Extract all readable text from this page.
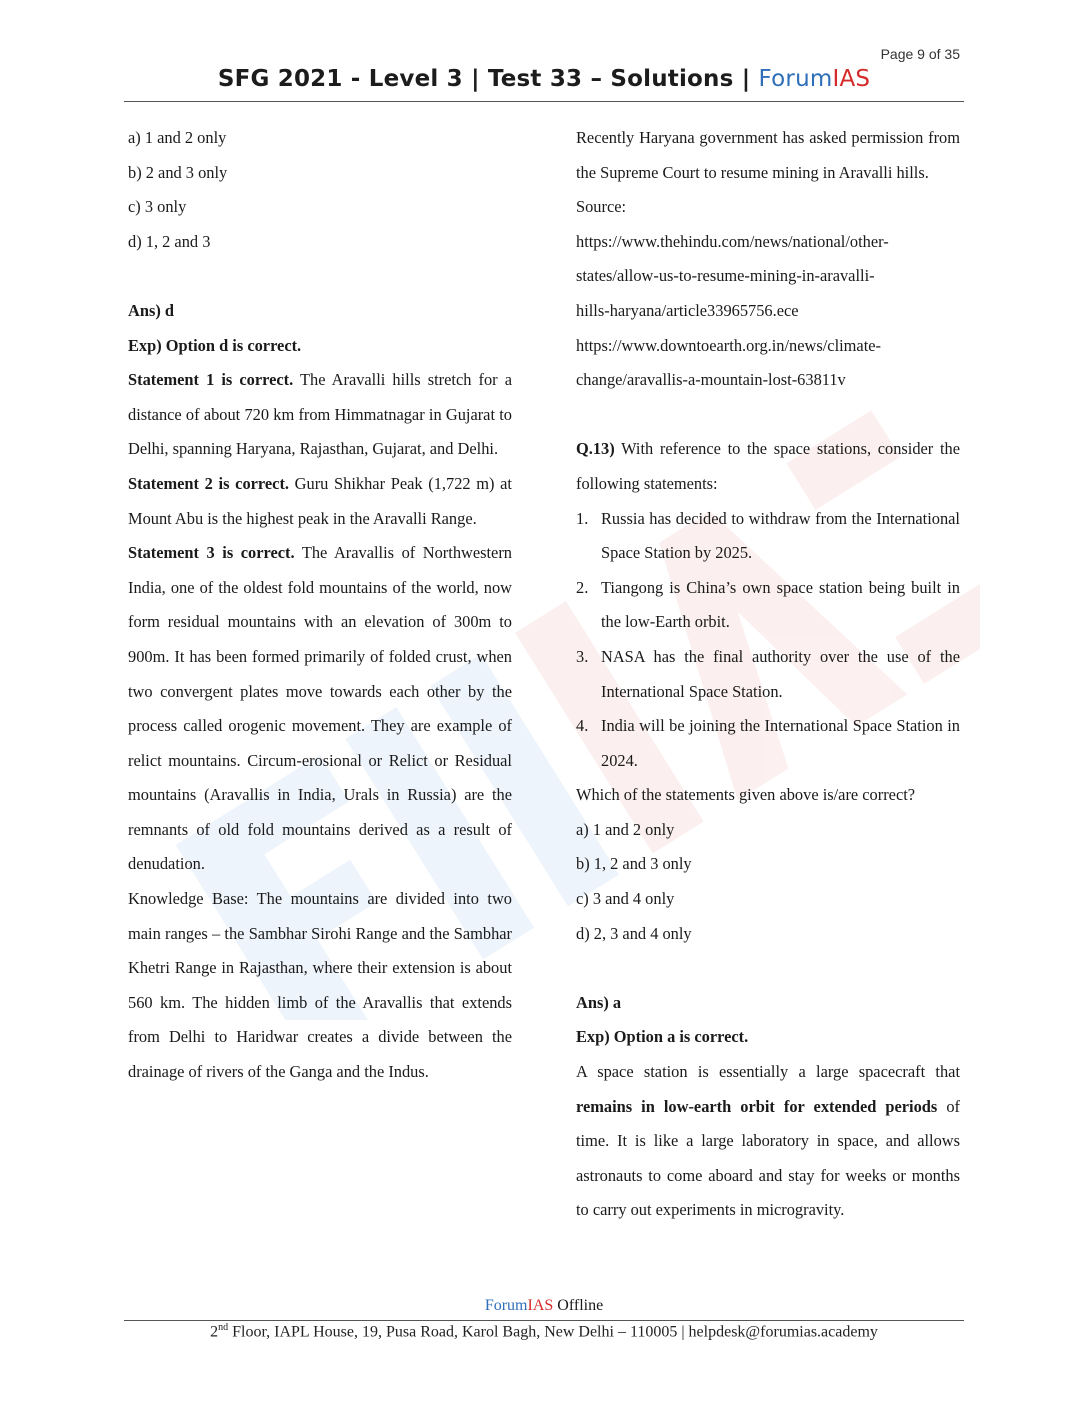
Page 9 of 35
SFG 2021 - Level 3 | Test 33 – Solutions | ForumIAS

a) 1 and 2 only

b) 2 and 3 only

c) 3 only

d) 1, 2 and 3

Ans) d

Exp) Option d is correct.

Statement 1 is correct. The Aravalli hills stretch for a distance of about 720 km from Himmatnagar in Gujarat to Delhi, spanning Haryana, Rajasthan, Gujarat, and Delhi.

Statement 2 is correct. Guru Shikhar Peak (1,722 m) at Mount Abu is the highest peak in the Aravalli Range.

Statement 3 is correct. The Aravallis of Northwestern India, one of the oldest fold mountains of the world, now form residual mountains with an elevation of 300m to 900m. It has been formed primarily of folded crust, when two convergent plates move towards each other by the process called orogenic movement. They are example of relict mountains. Circum-erosional or Relict or Residual mountains (Aravallis in India, Urals in Russia) are the remnants of old fold mountains derived as a result of denudation.

Knowledge Base: The mountains are divided into two main ranges – the Sambhar Sirohi Range and the Sambhar Khetri Range in Rajasthan, where their extension is about 560 km. The hidden limb of the Aravallis that extends from Delhi to Haridwar creates a divide between the drainage of rivers of the Ganga and the Indus.

Recently Haryana government has asked permission from the Supreme Court to resume mining in Aravalli hills.

Source:

https://www.thehindu.com/news/national/other-

states/allow-us-to-resume-mining-in-aravalli-

hills-haryana/article33965756.ece

https://www.downtoearth.org.in/news/climate-

change/aravallis-a-mountain-lost-63811v

Q.13) With reference to the space stations, consider the following statements:

1. Russia has decided to withdraw from the International Space Station by 2025.
2. Tiangong is China’s own space station being built in the low-Earth orbit.
3. NASA has the final authority over the use of the International Space Station.
4. India will be joining the International Space Station in 2024.

Which of the statements given above is/are correct?

a) 1 and 2 only

b) 1, 2 and 3 only

c) 3 and 4 only

d) 2, 3 and 4 only

Ans) a

Exp) Option a is correct.

A space station is essentially a large spacecraft that remains in low-earth orbit for extended periods of time. It is like a large laboratory in space, and allows astronauts to come aboard and stay for weeks or months to carry out experiments in microgravity.

ForumIAS Offline
2nd Floor, IAPL House, 19, Pusa Road, Karol Bagh, New Delhi – 110005 | helpdesk@forumias.academy
